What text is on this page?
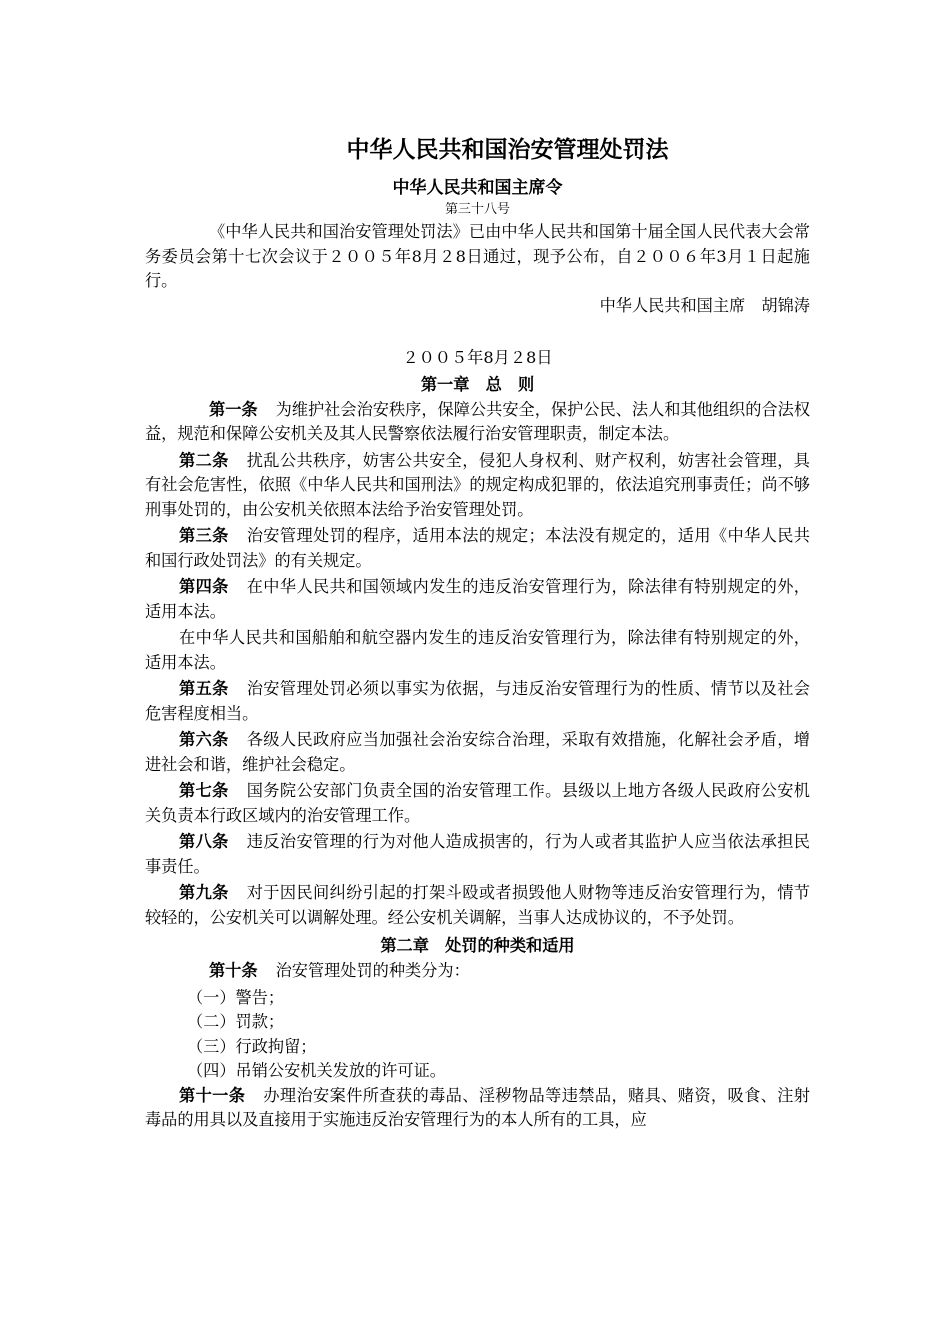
中华人民共和国治安管理处罚法

中华人民共和国主席令

第三十八号

《中华人民共和国治安管理处罚法》已由中华人民共和国第十届全国人民代表大会常务委员会第十七次会议于２００５年8月２8日通过，现予公布，自２００６年3月１日起施行。

中华人民共和国主席　胡锦涛

２００５年8月２8日

第一章　总　则

第一条 为维护社会治安秩序，保障公共安全，保护公民、法人和其他组织的合法权益，规范和保障公安机关及其人民警察依法履行治安管理职责，制定本法。

第二条 扰乱公共秩序，妨害公共安全，侵犯人身权利、财产权利，妨害社会管理，具有社会危害性，依照《中华人民共和国刑法》的规定构成犯罪的，依法追究刑事责任；尚不够刑事处罚的，由公安机关依照本法给予治安管理处罚。

第三条 治安管理处罚的程序，适用本法的规定；本法没有规定的，适用《中华人民共和国行政处罚法》的有关规定。

第四条 在中华人民共和国领域内发生的违反治安管理行为，除法律有特别规定的外，适用本法。

在中华人民共和国船舶和航空器内发生的违反治安管理行为，除法律有特别规定的外，适用本法。

第五条 治安管理处罚必须以事实为依据，与违反治安管理行为的性质、情节以及社会危害程度相当。

第六条 各级人民政府应当加强社会治安综合治理，采取有效措施，化解社会矛盾，增进社会和谐，维护社会稳定。

第七条 国务院公安部门负责全国的治安管理工作。县级以上地方各级人民政府公安机关负责本行政区域内的治安管理工作。

第八条 违反治安管理的行为对他人造成损害的，行为人或者其监护人应当依法承担民事责任。

第九条 对于因民间纠纷引起的打架斗殴或者损毁他人财物等违反治安管理行为，情节较轻的，公安机关可以调解处理。经公安机关调解，当事人达成协议的，不予处罚。

第二章　处罚的种类和适用

第十条 治安管理处罚的种类分为：

（一）警告；

（二）罚款；

（三）行政拘留；

（四）吊销公安机关发放的许可证。

第十一条 办理治安案件所查获的毒品、淫秽物品等违禁品，赌具、赌资，吸食、注射毒品的用具以及直接用于实施违反治安管理行为的本人所有的工具，应
